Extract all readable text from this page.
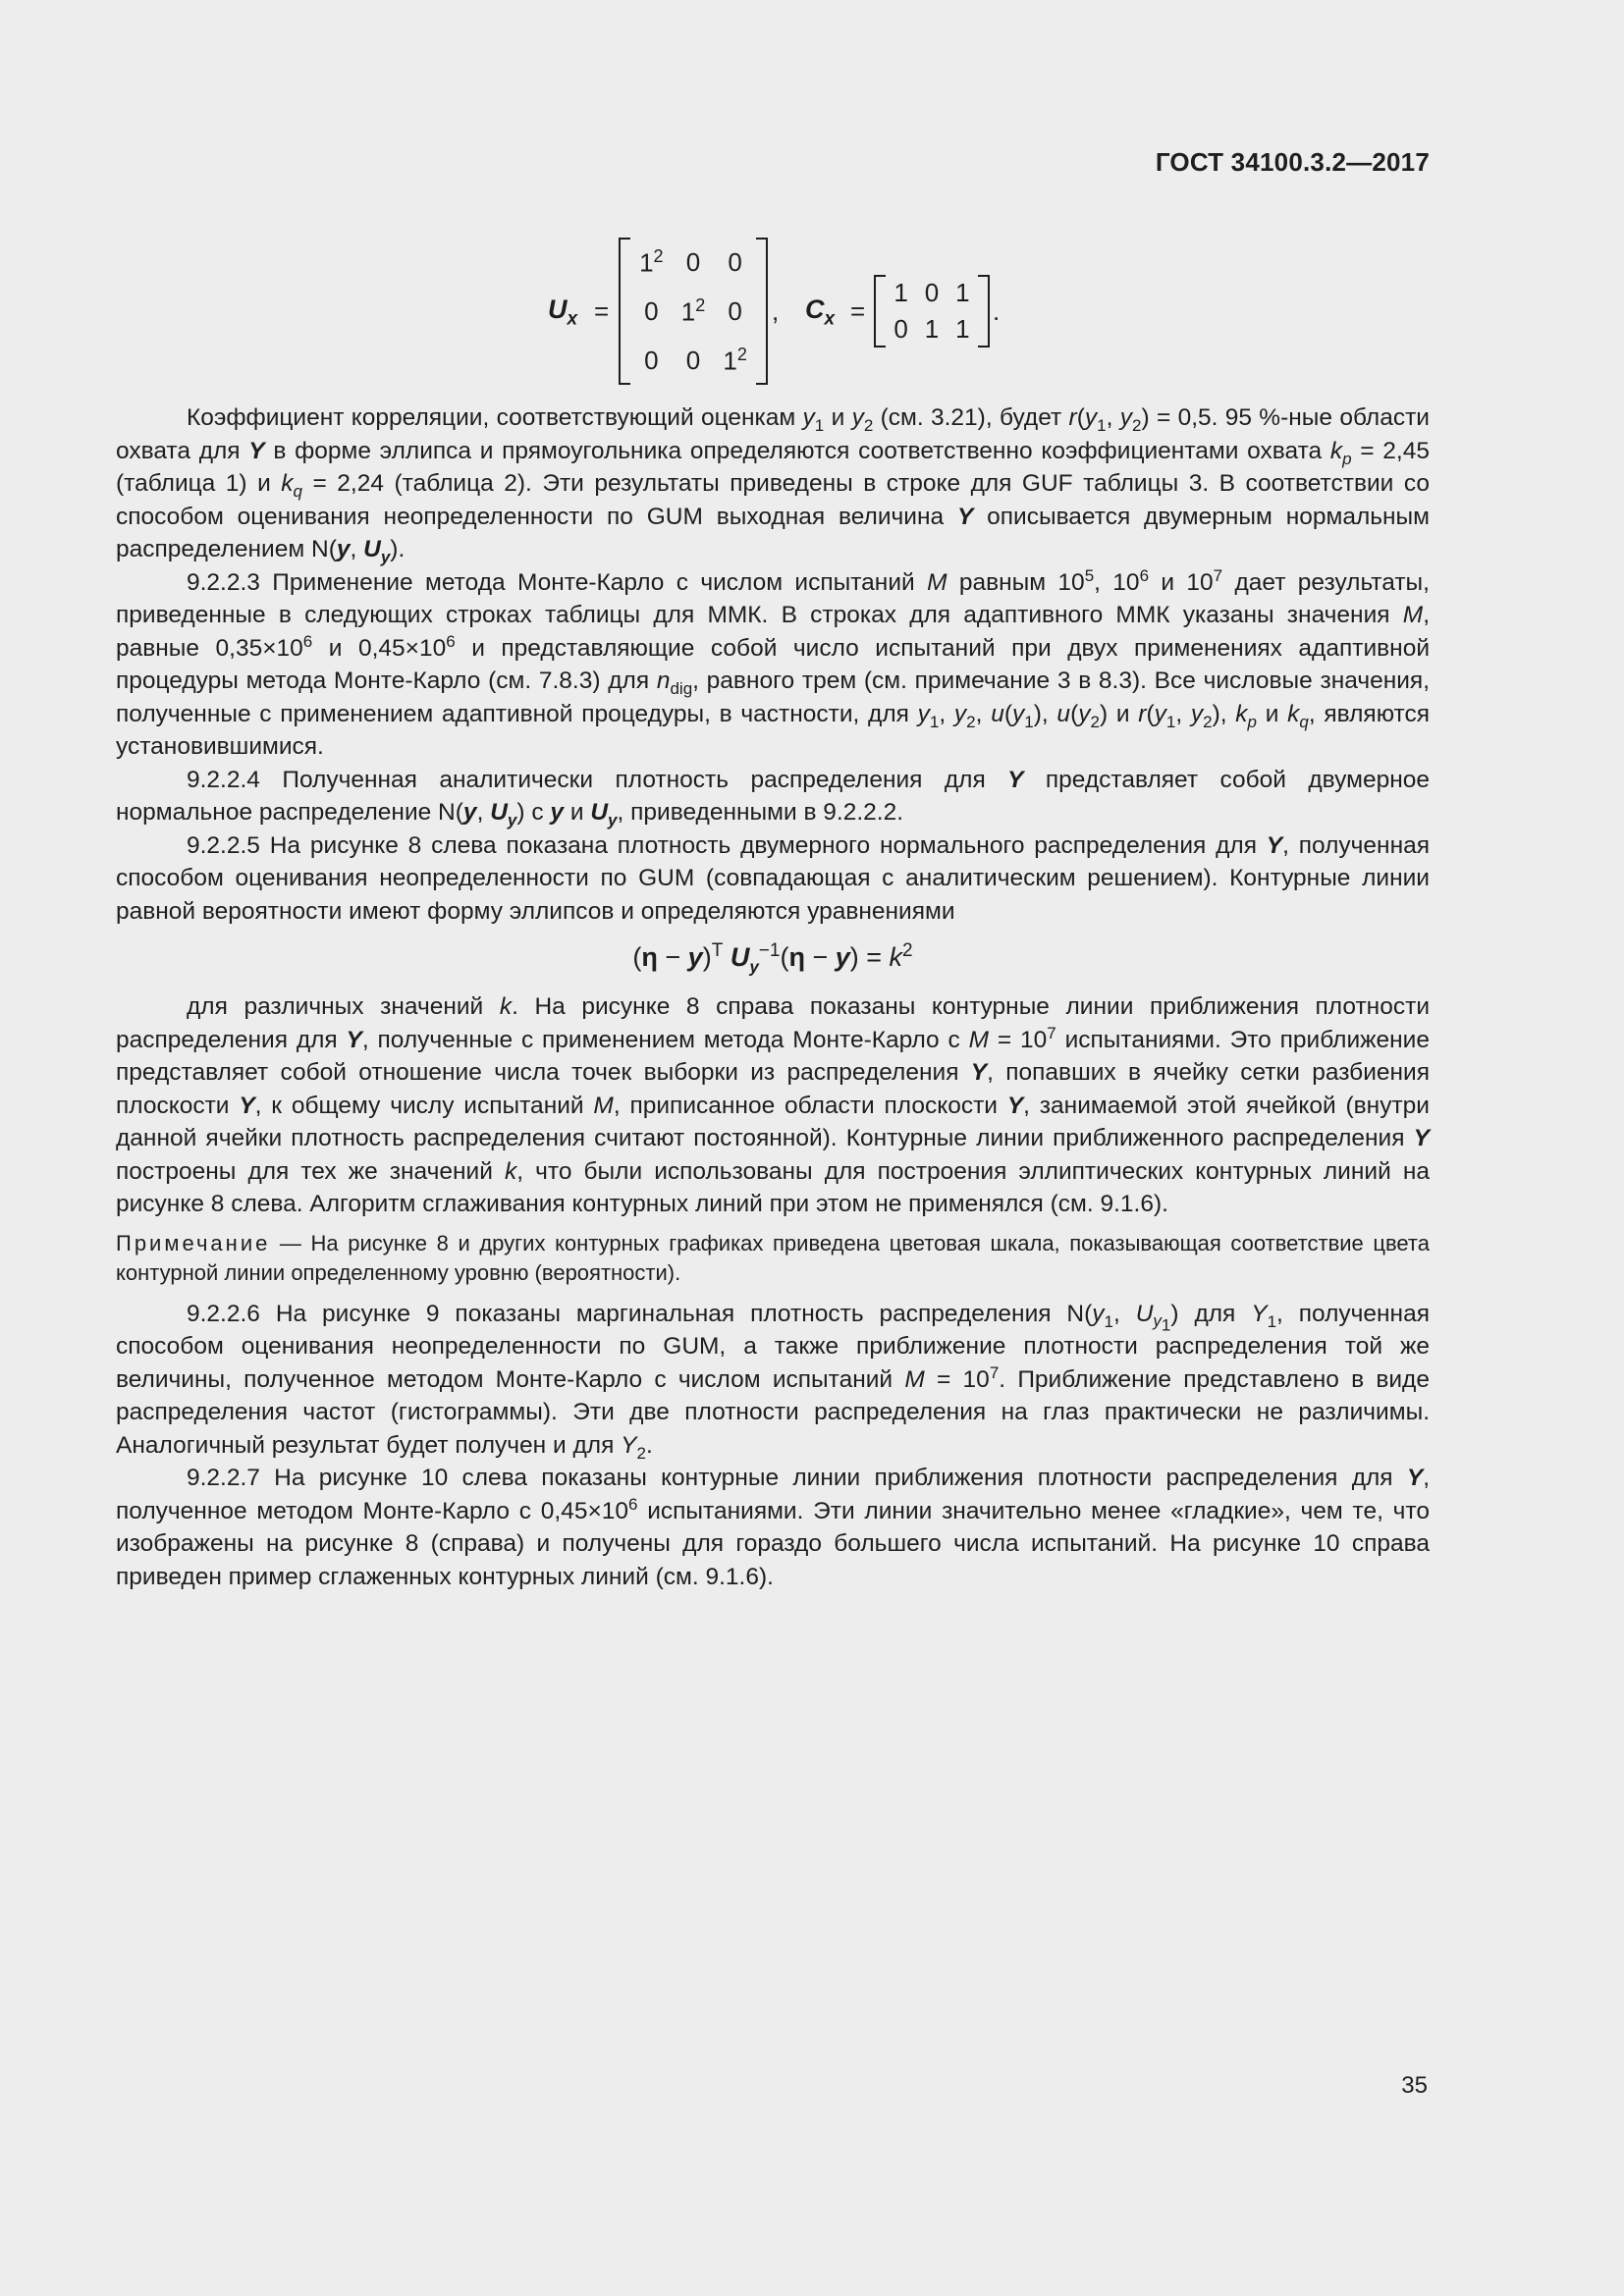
ГОСТ 34100.3.2—2017
$U_x$ =
$1^2$	0	0
0	$1^2$	0
0	0	$1^2$
, $C_x$ =
1	0	1
0	1	1
.

Коэффициент корреляции, соответствующий оценкам $y_1$ и $y_2$ (см. 3.21), будет $r(y_1$, $y_2) = 0,5$. 95 %-ные области охвата для Y в форме эллипса и прямоугольника определяются соответственно коэффициентами охвата $k_p = 2,45$ (таблица 1) и $k_q = 2,24$ (таблица 2). Эти результаты приведены в строке для GUF таблицы 3. В соответствии со способом оценивания неопределенности по GUM выходная величина Y описывается двумерным нормальным распределением N(y, $U_y$).

9.2.2.3 Применение метода Монте-Карло с числом испытаний M равным $10^5$, $10^6$ и $10^7$ дает результаты, приведенные в следующих строках таблицы для ММК. В строках для адаптивного ММК указаны значения M, равные $0,35\times 10^6$ и $0,45\times 10^6$ и представляющие собой число испытаний при двух применениях адаптивной процедуры метода Монте-Карло (см. 7.8.3) для $n_{dig}$, равного трем (см. примечание 3 в 8.3). Все числовые значения, полученные с применением адаптивной процедуры, в частности, для $y_1$, $y_2$, $u(y_1)$, $u(y_2)$ и $r(y_1$, $y_2$), $k_p$ и $k_q$, являются установившимися.

9.2.2.4 Полученная аналитически плотность распределения для Y представляет собой двумерное нормальное распределение N(y, $U_y$) с y и $U_y$, приведенными в 9.2.2.2.

9.2.2.5 На рисунке 8 слева показана плотность двумерного нормального распределения для Y, полученная способом оценивания неопределенности по GUM (совпадающая с аналитическим решением). Контурные линии равной вероятности имеют форму эллипсов и определяются уравнениями

$(\eta - y)^T$ $U_y^{-1}(\eta - y) = k^2$

для различных значений k. На рисунке 8 справа показаны контурные линии приближения плотности распределения для Y, полученные с применением метода Монте-Карло с $M = 10^7$ испытаниями. Это приближение представляет собой отношение числа точек выборки из распределения Y, попавших в ячейку сетки разбиения плоскости Y, к общему числу испытаний M, приписанное области плоскости Y, занимаемой этой ячейкой (внутри данной ячейки плотность распределения считают постоянной). Контурные линии приближенного распределения Y построены для тех же значений k, что были использованы для построения эллиптических контурных линий на рисунке 8 слева. Алгоритм сглаживания контурных линий при этом не применялся (см. 9.1.6).

Примечание — На рисунке 8 и других контурных графиках приведена цветовая шкала, показывающая соответствие цвета контурной линии определенному уровню (вероятности).

9.2.2.6 На рисунке 9 показаны маргинальная плотность распределения $N(y_1$, $U_{y_1}$) для $Y_1$, полученная способом оценивания неопределенности по GUM, а также приближение плотности распределения той же величины, полученное методом Монте-Карло с числом испытаний $M = 10^7$. Приближение представлено в виде распределения частот (гистограммы). Эти две плотности распределения на глаз практически не различимы. Аналогичный результат будет получен и для $Y_2$.

9.2.2.7 На рисунке 10 слева показаны контурные линии приближения плотности распределения для Y, полученное методом Монте-Карло с $0,45\times 10^6$ испытаниями. Эти линии значительно менее «гладкие», чем те, что изображены на рисунке 8 (справа) и получены для гораздо большего числа испытаний. На рисунке 10 справа приведен пример сглаженных контурных линий (см. 9.1.6).

35
